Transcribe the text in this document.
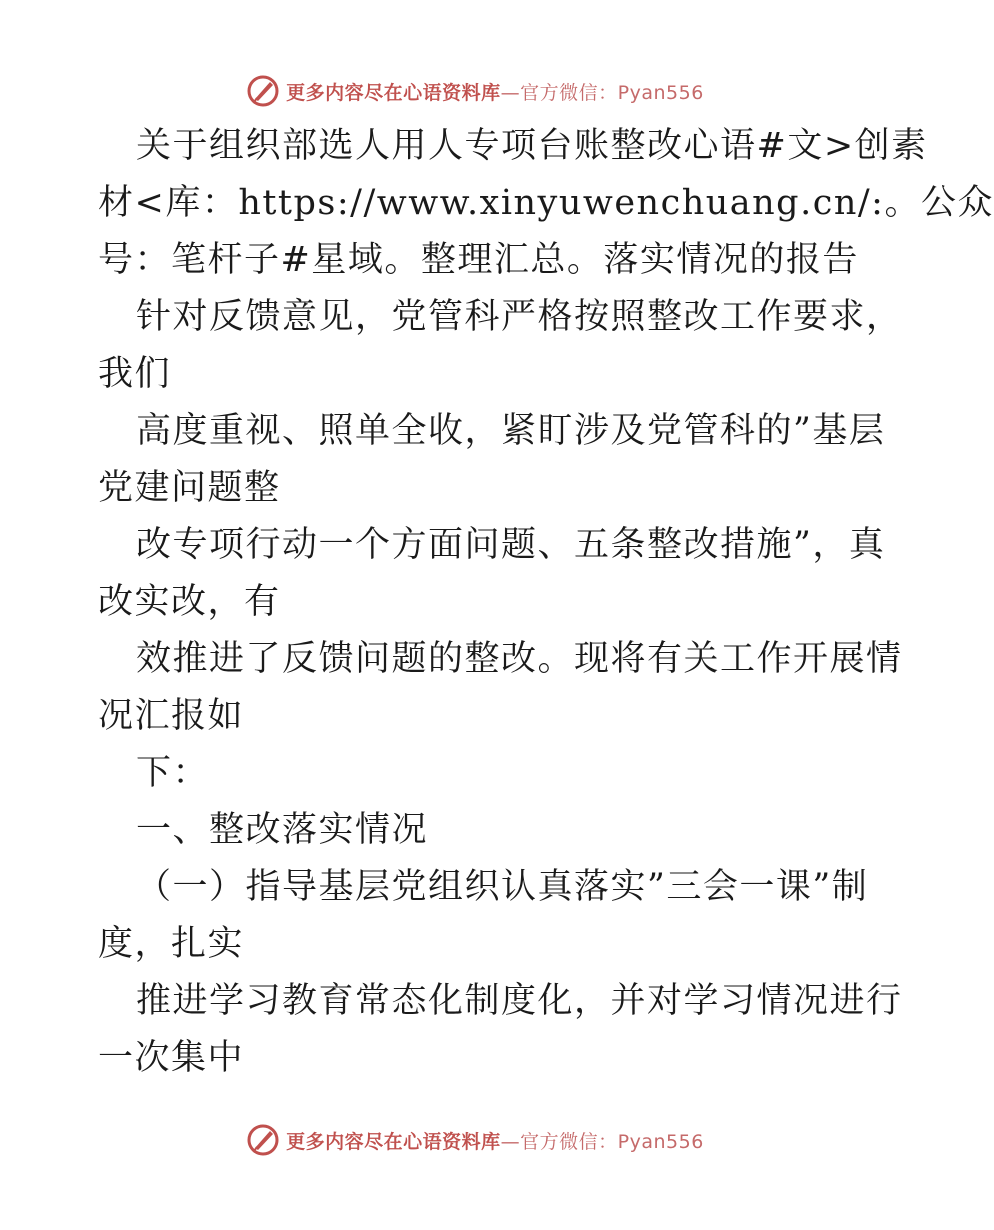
更多内容尽在心语资料库—官方微信：Pyan556
关于组织部选人用人专项台账整改心语#文>创素
材<库：https://www.xinyuwenchuang.cn/:。公众
号：笔杆子#星域。整理汇总。落实情况的报告
针对反馈意见，党管科严格按照整改工作要求，
我们
高度重视、照单全收，紧盯涉及党管科的”基层
党建问题整
改专项行动一个方面问题、五条整改措施”，真
改实改，有
效推进了反馈问题的整改。现将有关工作开展情
况汇报如
下：
一、整改落实情况
（一）指导基层党组织认真落实”三会一课”制
度，扎实
推进学习教育常态化制度化，并对学习情况进行
一次集中
更多内容尽在心语资料库—官方微信：Pyan556
